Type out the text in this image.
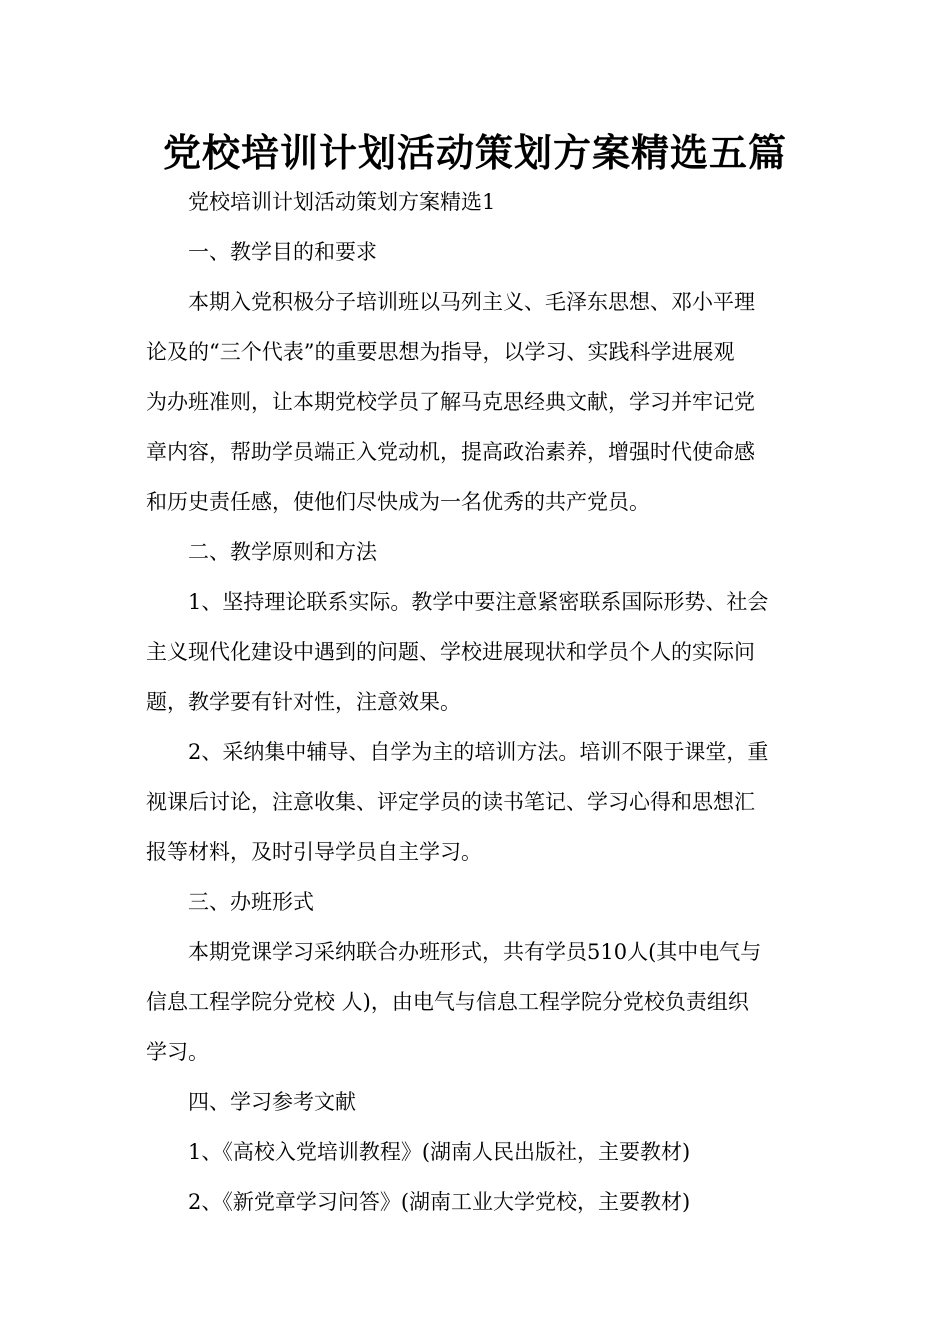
党校培训计划活动策划方案精选五篇
党校培训计划活动策划方案精选1
一、教学目的和要求
本期入党积极分子培训班以马列主义、毛泽东思想、邓小平理
论及的“三个代表”的重要思想为指导，以学习、实践科学进展观
为办班准则，让本期党校学员了解马克思经典文献，学习并牢记党
章内容，帮助学员端正入党动机，提高政治素养，增强时代使命感
和历史责任感，使他们尽快成为一名优秀的共产党员。
二、教学原则和方法
1、坚持理论联系实际。教学中要注意紧密联系国际形势、社会
主义现代化建设中遇到的问题、学校进展现状和学员个人的实际问
题，教学要有针对性，注意效果。
2、采纳集中辅导、自学为主的培训方法。培训不限于课堂，重
视课后讨论，注意收集、评定学员的读书笔记、学习心得和思想汇
报等材料，及时引导学员自主学习。
三、办班形式
本期党课学习采纳联合办班形式，共有学员510人(其中电气与
信息工程学院分党校 人)，由电气与信息工程学院分党校负责组织
学习。
四、学习参考文献
1、《高校入党培训教程》(湖南人民出版社，主要教材)
2、《新党章学习问答》(湖南工业大学党校，主要教材)
